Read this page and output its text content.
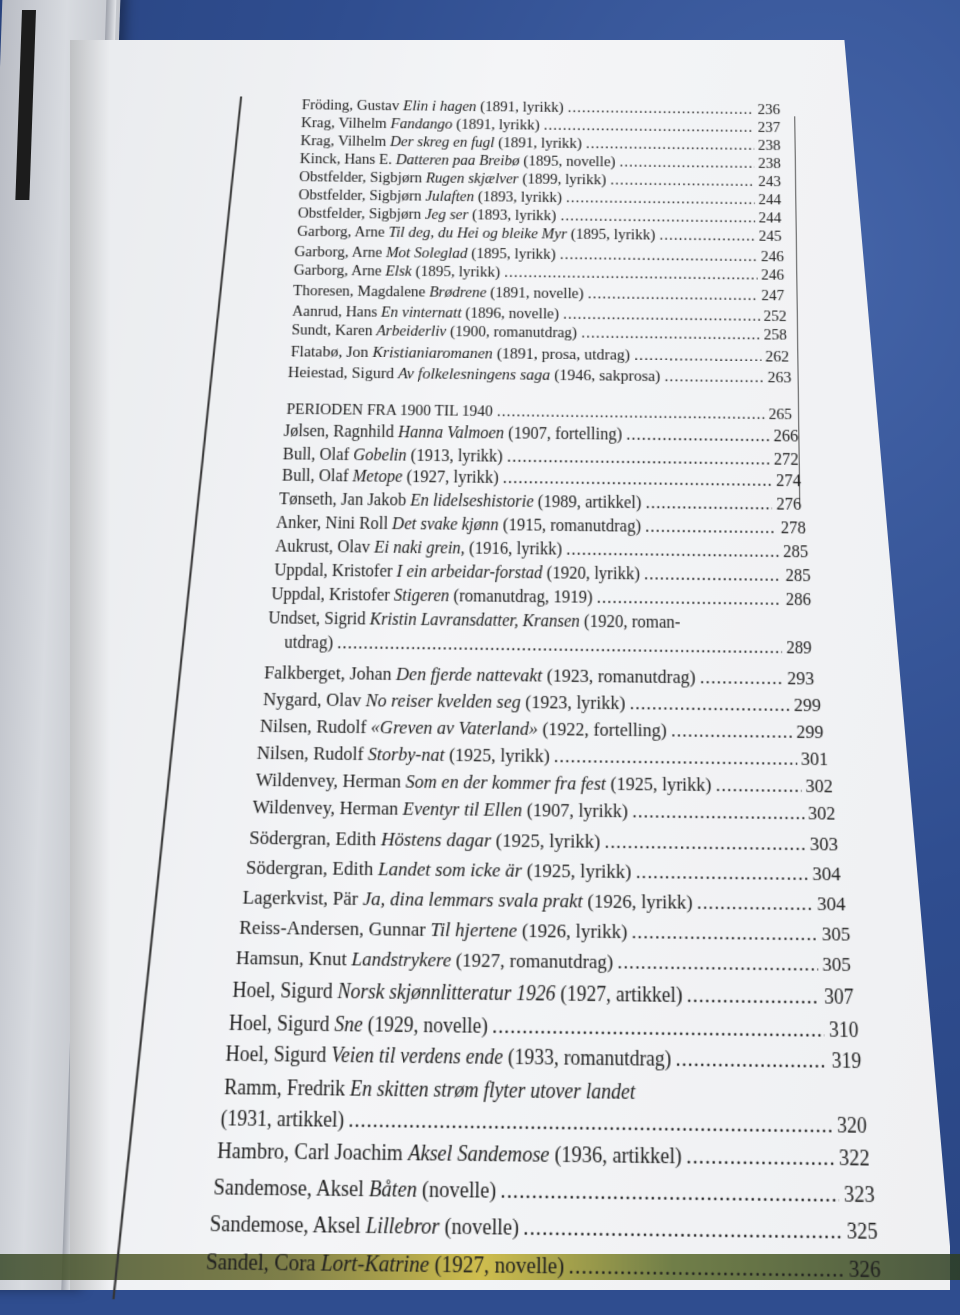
Fröding, Gustav Elin i hagen (1891, lyrikk) .....	236
Krag, Vilhelm Fandango (1891, lyrikk) .....	237
Krag, Vilhelm Der skreg en fugl (1891, lyrikk) .....	238
Kinck, Hans E. Datteren paa Breibø (1895, novelle) .....	238
Obstfelder, Sigbjørn Rugen skjælver (1899, lyrikk) .....	243
Obstfelder, Sigbjørn Julaften (1893, lyrikk) .....	244
Obstfelder, Sigbjørn Jeg ser (1893, lyrikk) .....	244
Garborg, Arne Til deg, du Hei og bleike Myr (1895, lyrikk) .....	245
Garborg, Arne Mot Soleglad (1895, lyrikk) .....	246
Garborg, Arne Elsk (1895, lyrikk) .....	246
Thoresen, Magdalene Brødrene (1891, novelle) .....	247
Aanrud, Hans En vinternatt (1896, novelle) .....	252
Sundt, Karen Arbeiderliv (1900, romanutdrag) .....	258
Flatabø, Jon Kristianiaromanen (1891, prosa, utdrag) .....	262
Heiestad, Sigurd Av folkelesningens saga (1946, sakprosa) .....	263
PERIODEN FRA 1900 TIL 1940 .....	265
Jølsen, Ragnhild Hanna Valmoen (1907, fortelling) .....	266
Bull, Olaf Gobelin (1913, lyrikk) .....	272
Bull, Olaf Metope (1927, lyrikk) .....	274
Tønseth, Jan Jakob En lidelseshistorie (1989, artikkel) .....	276
Anker, Nini Roll Det svake kjønn (1915, romanutdrag) .....	278
Aukrust, Olav Ei naki grein, (1916, lyrikk) .....	285
Uppdal, Kristofer I ein arbeidar-forstad (1920, lyrikk) .....	285
Uppdal, Kristofer Stigeren (romanutdrag, 1919) .....	286
Undset, Sigrid Kristin Lavransdatter, Kransen (1920, roman-
utdrag) .....	289
Falkberget, Johan Den fjerde nattevakt (1923, romanutdrag) .....	293
Nygard, Olav No reiser kvelden seg (1923, lyrikk) .....	299
Nilsen, Rudolf «Greven av Vaterland» (1922, fortelling) .....	299
Nilsen, Rudolf Storby-nat (1925, lyrikk) .....	301
Wildenvey, Herman Som en der kommer fra fest (1925, lyrikk) .....	302
Wildenvey, Herman Eventyr til Ellen (1907, lyrikk) .....	302
Södergran, Edith Höstens dagar (1925, lyrikk) .....	303
Södergran, Edith Landet som icke är (1925, lyrikk) .....	304
Lagerkvist, Pär Ja, dina lemmars svala prakt (1926, lyrikk) .....	304
Reiss-Andersen, Gunnar Til hjertene (1926, lyrikk) .....	305
Hamsun, Knut Landstrykere (1927, romanutdrag) .....	305
Hoel, Sigurd Norsk skjønnlitteratur 1926 (1927, artikkel) .....	307
Hoel, Sigurd Sne (1929, novelle) .....	310
Hoel, Sigurd Veien til verdens ende (1933, romanutdrag) .....	319
Ramm, Fredrik En skitten strøm flyter utover landet
(1931, artikkel) .....	320
Hambro, Carl Joachim Aksel Sandemose (1936, artikkel) .....	322
Sandemose, Aksel Båten (novelle) .....	323
Sandemose, Aksel Lillebror (novelle) .....	325
Sandel, Cora Lort-Katrine (1927, novelle) .....	326
